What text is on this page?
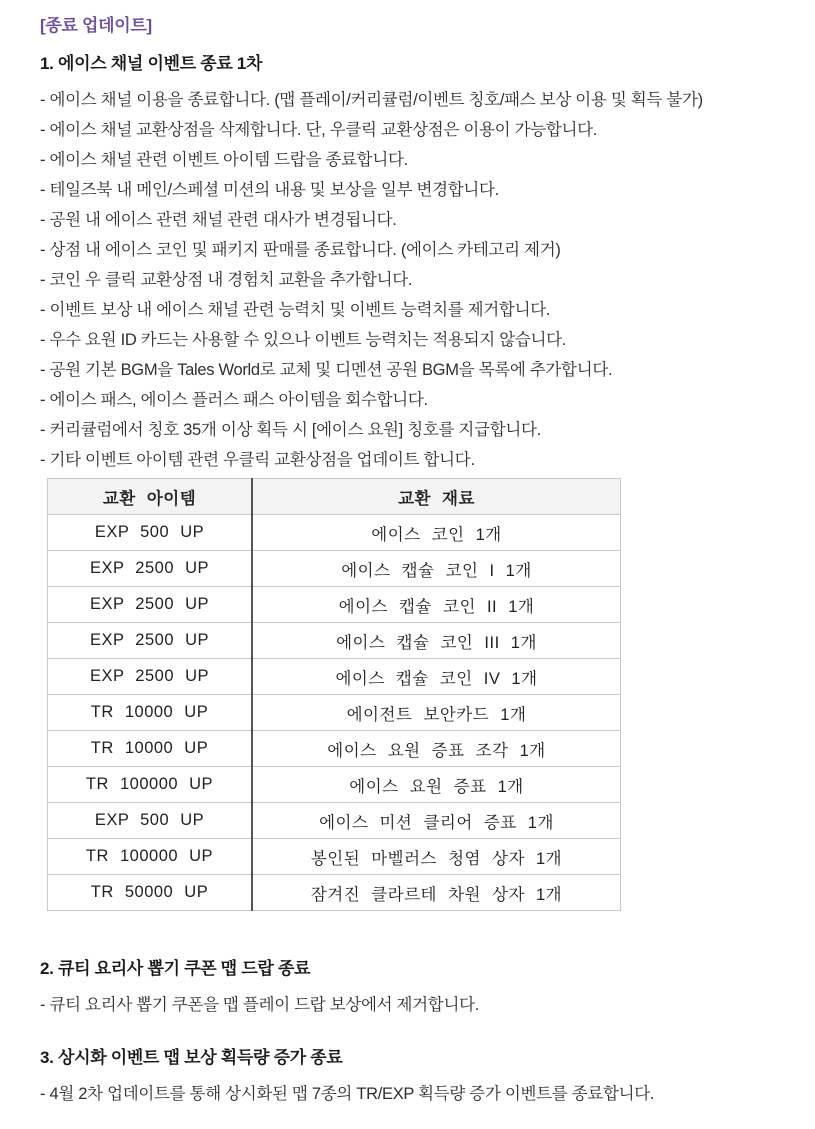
[종료 업데이트]
1. 에이스 채널 이벤트 종료 1차

- 에이스 채널 이용을 종료합니다. (맵 플레이/커리큘럼/이벤트 칭호/패스 보상 이용 및 획득 불가)

- 에이스 채널 교환상점을 삭제합니다. 단, 우클릭 교환상점은 이용이 가능합니다.

- 에이스 채널 관련 이벤트 아이템 드랍을 종료합니다.

- 테일즈북 내 메인/스페셜 미션의 내용 및 보상을 일부 변경합니다.

- 공원 내 에이스 관련 채널 관련 대사가 변경됩니다.

- 상점 내 에이스 코인 및 패키지 판매를 종료합니다. (에이스 카테고리 제거)

- 코인 우 클릭 교환상점 내 경험치 교환을 추가합니다.

- 이벤트 보상 내 에이스 채널 관련 능력치 및 이벤트 능력치를 제거합니다.

- 우수 요원 ID 카드는 사용할 수 있으나 이벤트 능력치는 적용되지 않습니다.

- 공원 기본 BGM을 Tales World로 교체 및 디멘션 공원 BGM을 목록에 추가합니다.

- 에이스 패스, 에이스 플러스 패스 아이템을 회수합니다.

- 커리큘럼에서 칭호 35개 이상 획득 시 [에이스 요원] 칭호를 지급합니다.

- 기타 이벤트 아이템 관련 우클릭 교환상점을 업데이트 합니다.

교환 아이템	교환 재료
EXP 500 UP	에이스 코인 1개
EXP 2500 UP	에이스 캡슐 코인 I 1개
EXP 2500 UP	에이스 캡슐 코인 II 1개
EXP 2500 UP	에이스 캡슐 코인 III 1개
EXP 2500 UP	에이스 캡슐 코인 IV 1개
TR 10000 UP	에이전트 보안카드 1개
TR 10000 UP	에이스 요원 증표 조각 1개
TR 100000 UP	에이스 요원 증표 1개
EXP 500 UP	에이스 미션 클리어 증표 1개
TR 100000 UP	봉인된 마벨러스 청염 상자 1개
TR 50000 UP	잠겨진 클라르테 차원 상자 1개
2. 큐티 요리사 뽑기 쿠폰 맵 드랍 종료

- 큐티 요리사 뽑기 쿠폰을 맵 플레이 드랍 보상에서 제거합니다.

3. 상시화 이벤트 맵 보상 획득량 증가 종료

- 4월 2차 업데이트를 통해 상시화된 맵 7종의 TR/EXP 획득량 증가 이벤트를 종료합니다.
